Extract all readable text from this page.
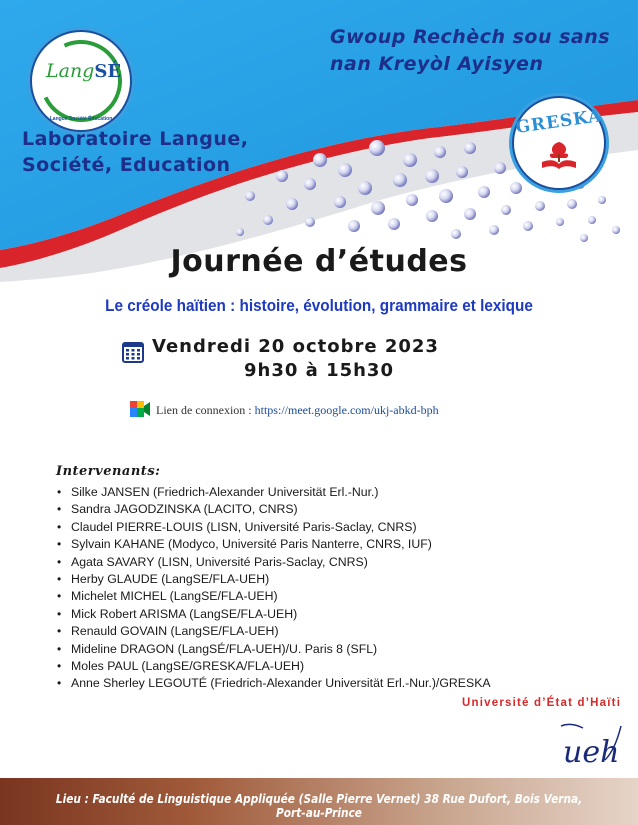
LangSÉ
Langue Société Éducation
Gwoup Rechèch sou sans
nan Kreyòl Ayisyen
Laboratoire Langue,
Société, Education
GRESKA
Journée d’études
Le créole haïtien : histoire, évolution, grammaire et lexique
Vendredi 20 octobre 2023
9h30 à 15h30
Lien de connexion : https://meet.google.com/ukj-abkd-bph
Intervenants:
• Silke JANSEN (Friedrich-Alexander Universität Erl.-Nur.)
• Sandra JAGODZINSKA (LACITO, CNRS)
• Claudel PIERRE-LOUIS (LISN, Université Paris-Saclay, CNRS)
• Sylvain KAHANE (Modyco, Université Paris Nanterre, CNRS, IUF)
• Agata SAVARY (LISN, Université Paris-Saclay, CNRS)
• Herby GLAUDE (LangSE/FLA-UEH)
• Michelet MICHEL (LangSE/FLA-UEH)
• Mick Robert ARISMA (LangSE/FLA-UEH)
• Renauld GOVAIN (LangSE/FLA-UEH)
• Mideline DRAGON (LangSÉ/FLA-UEH)/U. Paris 8 (SFL)
• Moles PAUL (LangSE/GRESKA/FLA-UEH)
• Anne Sherley LEGOUTÉ (Friedrich-Alexander Universität Erl.-Nur.)/GRESKA
Université d’État d’Haïti
ueh
Lieu : Faculté de Linguistique Appliquée (Salle Pierre Vernet) 38 Rue Dufort, Bois Verna, Port-au-Prince
